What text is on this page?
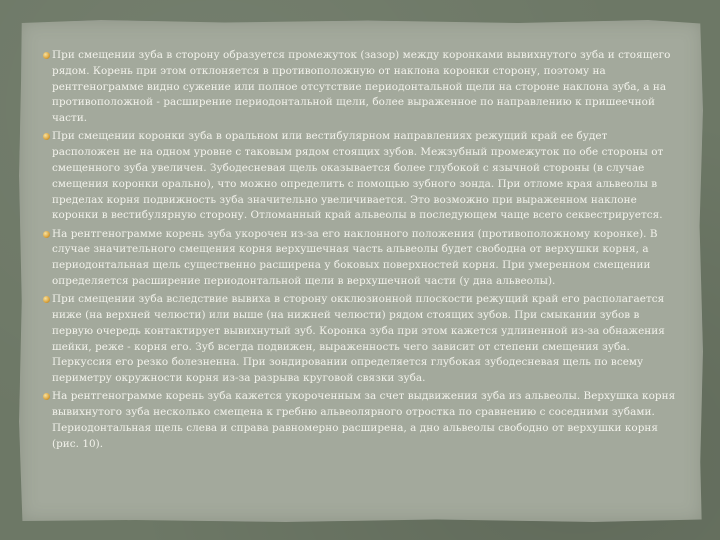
При смещении зуба в сторону образуется промежуток (зазор) между коронками вывихнутого зуба и стоящего рядом. Корень при этом отклоняется в противоположную от наклона коронки сторону, поэтому на рентгенограмме видно сужение или полное отсутствие периодонтальной щели на стороне наклона зуба, а на противоположной - расширение периодонтальной щели, более выраженное по направлению к пришеечной части.
При смещении коронки зуба в оральном или вестибулярном направлениях режущий край ее будет расположен не на одном уровне с таковым рядом стоящих зубов. Межзубный промежуток по обе стороны от смещенного зуба увеличен. Зубодесневая щель оказывается более глубокой с язычной стороны (в случае смещения коронки орально), что можно определить с помощью зубного зонда. При отломе края альвеолы в пределах корня подвижность зуба значительно увеличивается. Это возможно при выраженном наклоне коронки в вестибулярную сторону. Отломанный край альвеолы в последующем чаще всего секвестрируется.
На рентгенограмме корень зуба укорочен из-за его наклонного положения (противоположному коронке). В случае значительного смещения корня верхушечная часть альвеолы будет свободна от верхушки корня, а периодонтальная щель существенно расширена у боковых поверхностей корня. При умеренном смещении определяется расширение периодонтальной щели в верхушечной части (у дна альвеолы).
При смещении зуба вследствие вывиха в сторону окклюзионной плоскости режущий край его располагается ниже (на верхней челюсти) или выше (на нижней челюсти) рядом стоящих зубов. При смыкании зубов в первую очередь контактирует вывихнутый зуб. Коронка зуба при этом кажется удлиненной из-за обнажения шейки, реже - корня его. Зуб всегда подвижен, выраженность чего зависит от степени смещения зуба. Перкуссия его резко болезненна. При зондировании определяется глубокая зубодесневая щель по всему периметру окружности корня из-за разрыва круговой связки зуба.
На рентгенограмме корень зуба кажется укороченным за счет выдвижения зуба из альвеолы. Верхушка корня вывихнутого зуба несколько смещена к гребню альвеолярного отростка по сравнению с соседними зубами. Периодонтальная щель слева и справа равномерно расширена, а дно альвеолы свободно от верхушки корня (рис. 10).
